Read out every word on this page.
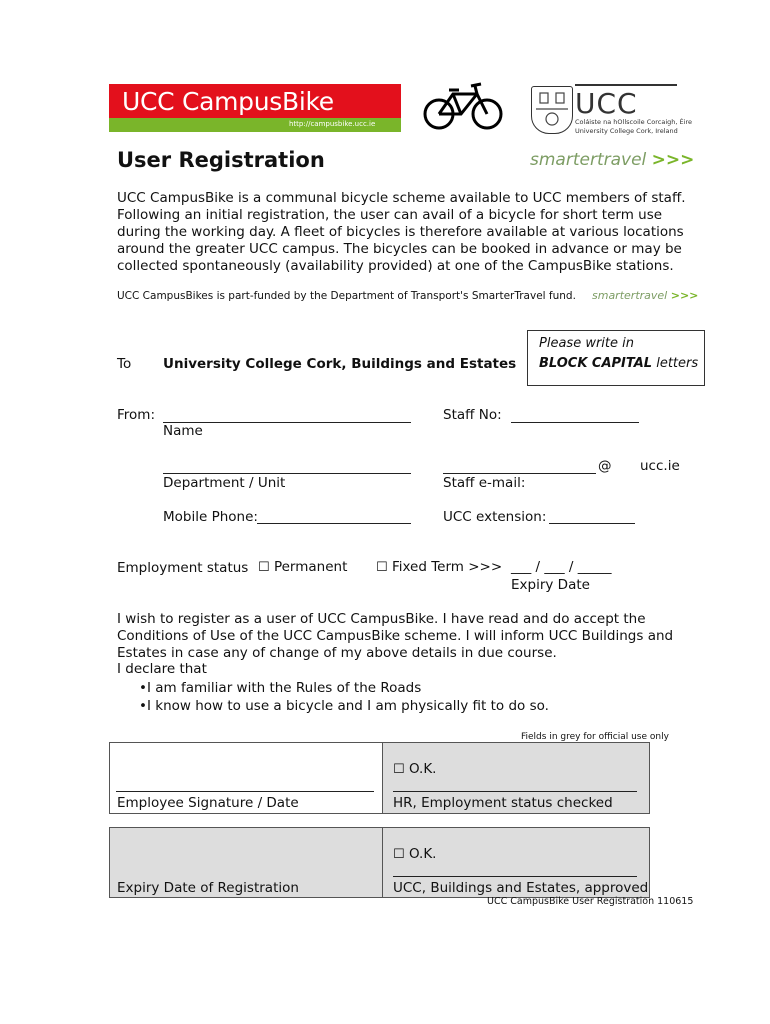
UCC CampusBike
http://campusbike.ucc.ie
UCC
Coláiste na hOllscoile Corcaigh, Éire
University College Cork, Ireland
User Registration	smartertravel >>>
UCC CampusBike is a communal bicycle scheme available to UCC members of staff. Following an initial registration, the user can avail of a bicycle for short term use during the working day. A fleet of bicycles is therefore available at various locations around the greater UCC campus. The bicycles can be booked in advance or may be collected spontaneously (availability provided) at one of the CampusBike stations.
UCC CampusBikes is part-funded by the Department of Transport's SmarterTravel fund. smartertravel >>>
Please write in
BLOCK CAPITAL letters
To University College Cork, Buildings and Estates
From:
Name
Staff No:
Department / Unit
@ ucc.ie
Staff e-mail:
Mobile Phone:	UCC extension:
Employment status ☐ Permanent ☐ Fixed Term >>> ___ / ___ / _____
Expiry Date
I wish to register as a user of UCC CampusBike. I have read and do accept the Conditions of Use of the UCC CampusBike scheme. I will inform UCC Buildings and Estates in case any of change of my above details in due course.
I declare that
• I am familiar with the Rules of the Roads
• I know how to use a bicycle and I am physically fit to do so.
Fields in grey for official use only
Employee Signature / Date
☐ O.K.
HR, Employment status checked
Expiry Date of Registration
☐ O.K.
UCC, Buildings and Estates, approved
UCC CampusBike User Registration 110615
